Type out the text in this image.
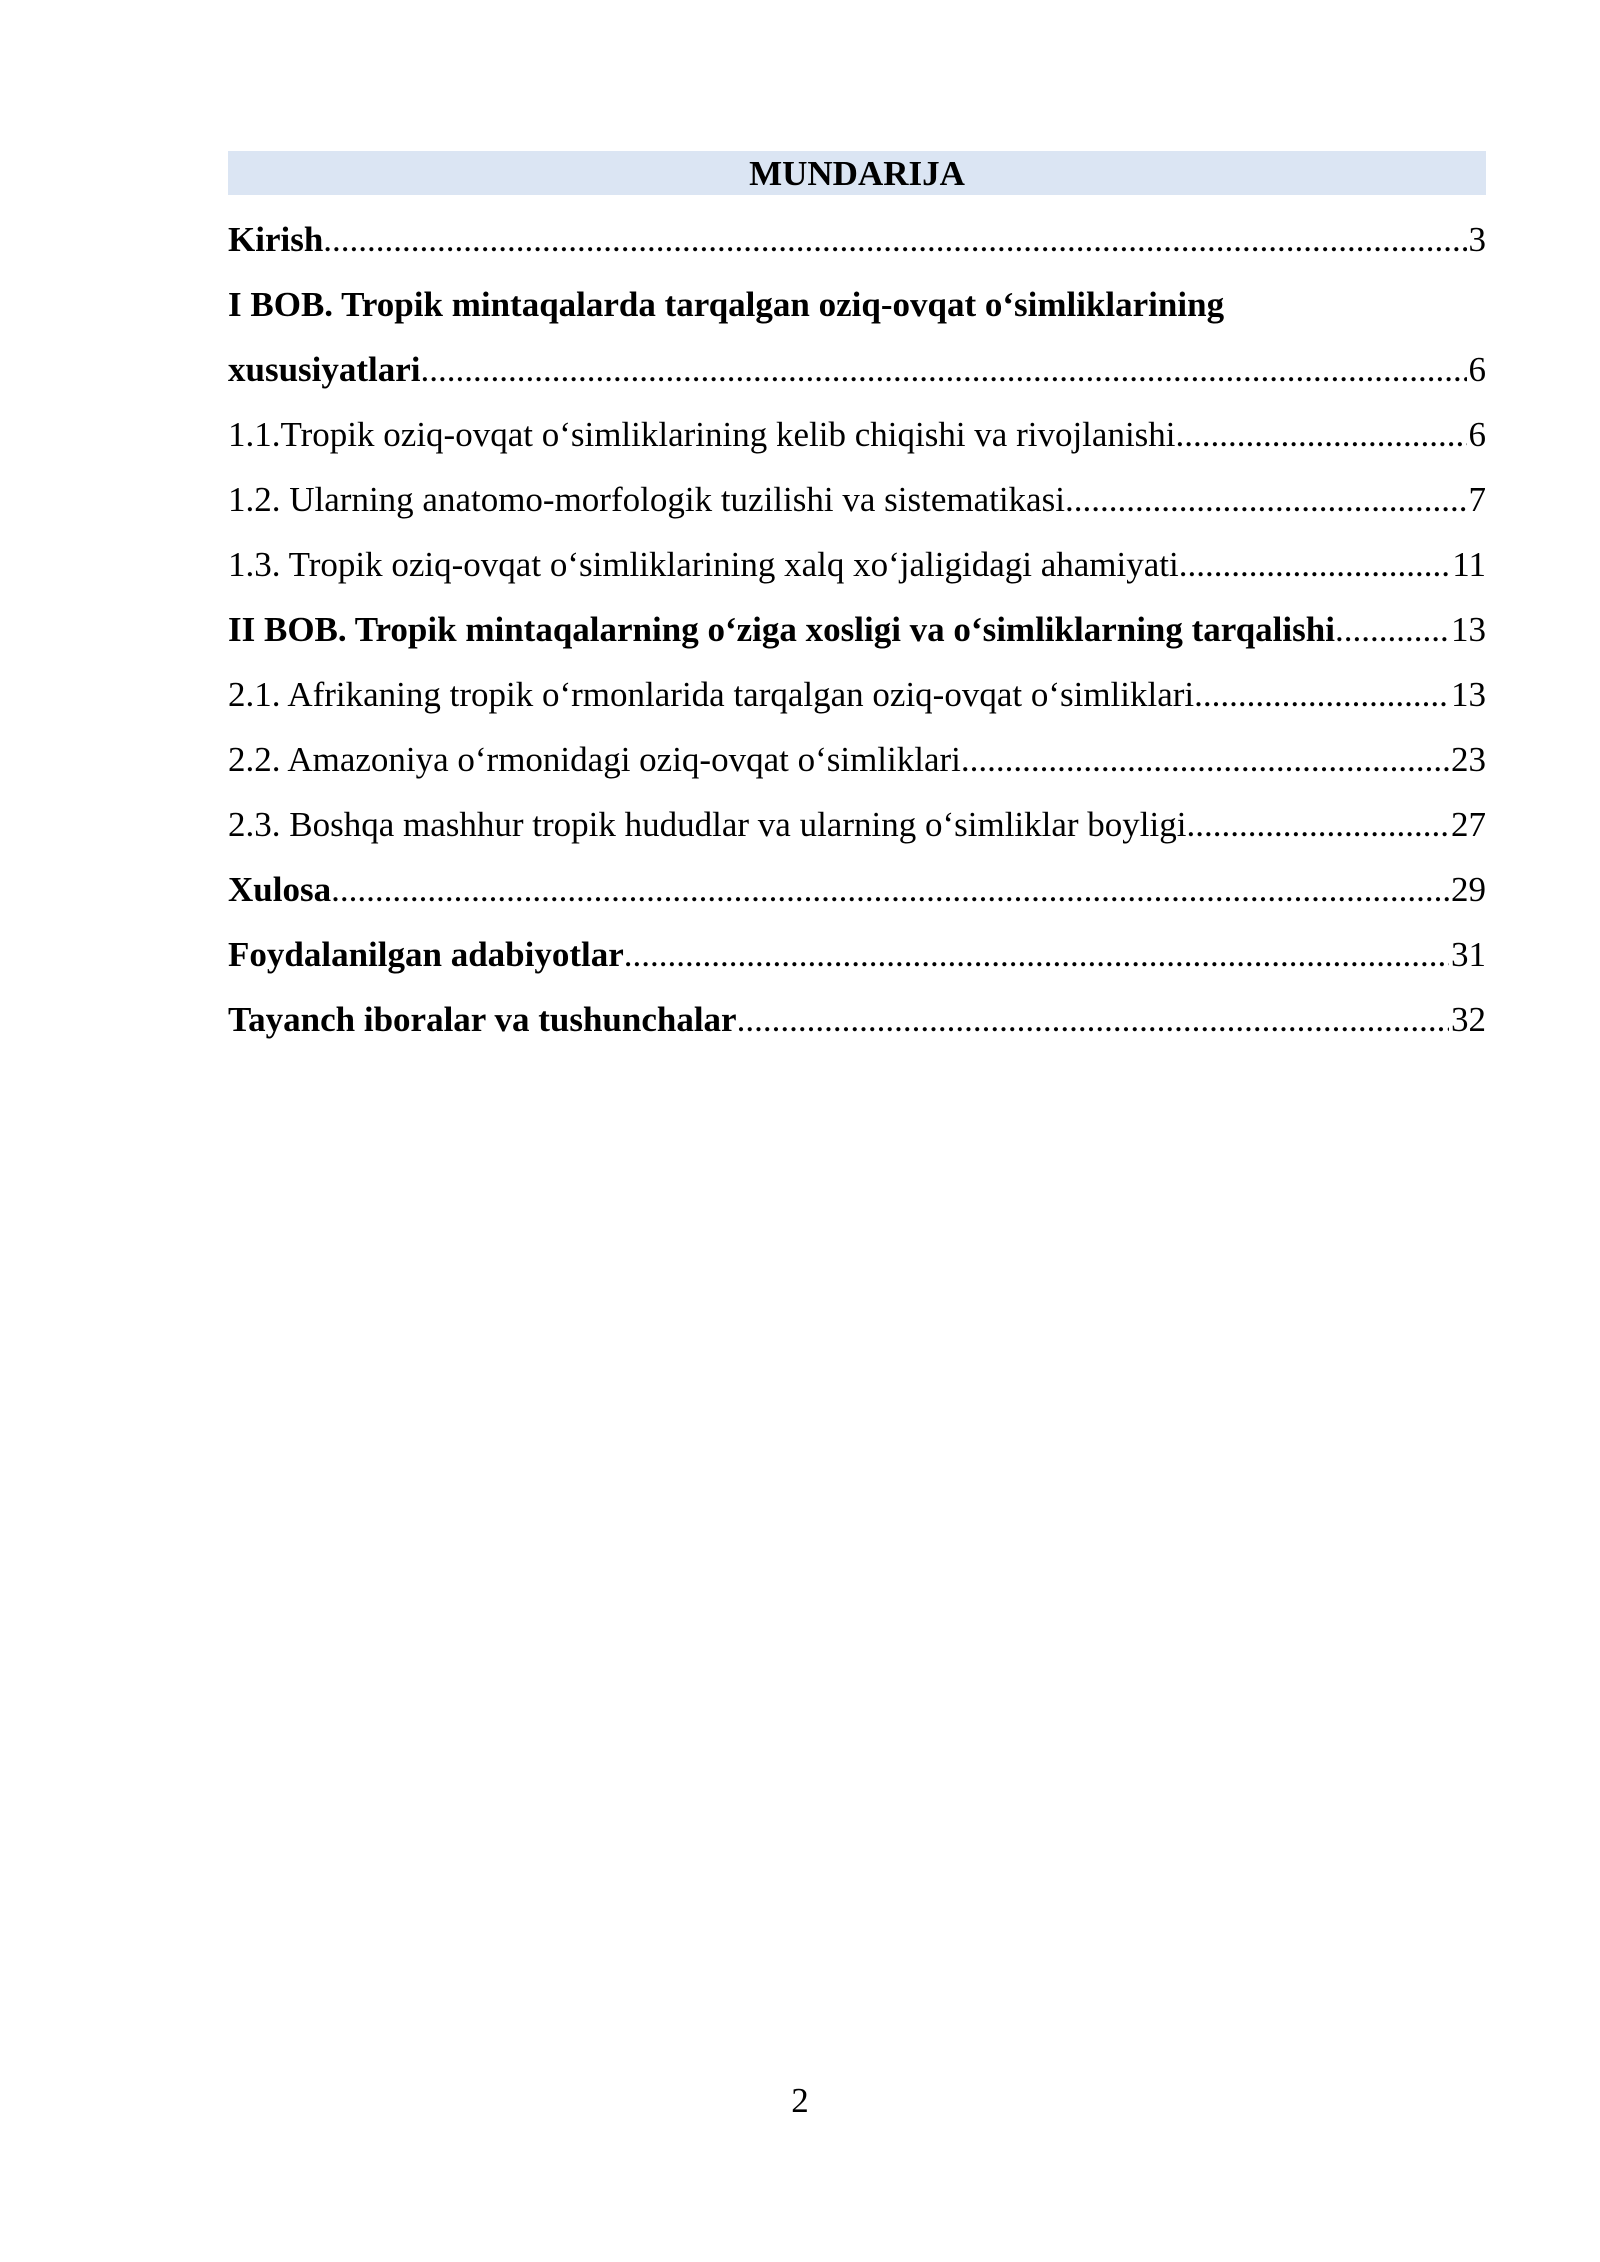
MUNDARIJA
Kirish .....	3
I BOB. Tropik mintaqalarda tarqalgan oziq-ovqat o‘simliklarining
xususiyatlari .....	6
1.1.Tropik oziq-ovqat o‘simliklarining kelib chiqishi va rivojlanishi .....	6
1.2. Ularning anatomo-morfologik tuzilishi va sistematikasi .....	7
1.3. Tropik oziq-ovqat o‘simliklarining xalq xo‘jaligidagi ahamiyati .....	11
II BOB. Tropik mintaqalarning o‘ziga xosligi va o‘simliklarning tarqalishi .....	13
2.1. Afrikaning tropik o‘rmonlarida tarqalgan oziq-ovqat o‘simliklari .....	13
2.2. Amazoniya o‘rmonidagi oziq-ovqat o‘simliklari .....	23
2.3. Boshqa mashhur tropik hududlar va ularning o‘simliklar boyligi .....	27
Xulosa .....	29
Foydalanilgan adabiyotlar .....	31
Tayanch iboralar va tushunchalar .....	32
2
